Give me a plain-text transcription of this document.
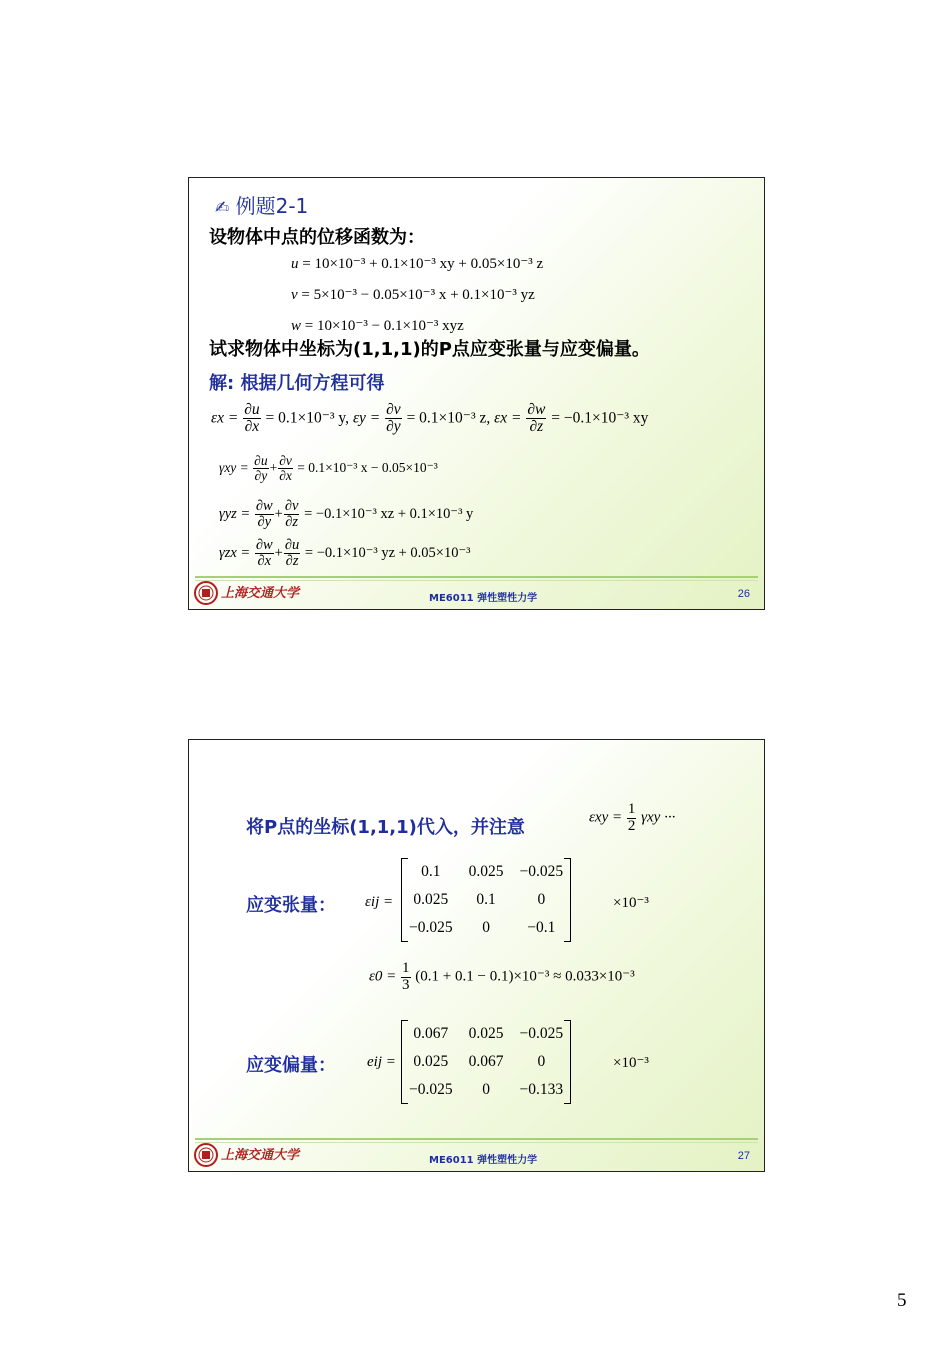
✍ 例题2-1
设物体中点的位移函数为：
u = 10×10⁻³ + 0.1×10⁻³ xy + 0.05×10⁻³ z
v = 5×10⁻³ − 0.05×10⁻³ x + 0.1×10⁻³ yz
w = 10×10⁻³ − 0.1×10⁻³ xyz
试求物体中坐标为(1,1,1)的P点应变张量与应变偏量。
解: 根据几何方程可得
$\varepsilon x = \frac{\partial u}{\partial x} = 0.1\times 10^{-3}$ y, $\varepsilon y = \frac{\partial v}{\partial y} = 0.1\times 10^{-3}$ z, $\varepsilon x = \frac{\partial w}{\partial z} = -0.1\times 10^{-3}$ xy
$\gamma xy = \frac{\partial u}{\partial y} + \frac{\partial v}{\partial x} = 0.1\times 10^{-3}$ x − 0.05×10⁻³
$\gamma yz = \frac{\partial w}{\partial y} + \frac{\partial v}{\partial z} = -0.1\times 10^{-3}$ xz + 0.1×10⁻³ y
$\gamma zx = \frac{\partial w}{\partial x} + \frac{\partial u}{\partial z} = -0.1\times 10^{-3}$ yz + 0.05×10⁻³
上海交通大学	ME6011 弹性塑性力学	26
将P点的坐标(1,1,1)代入，并注意	$\varepsilon xy = \frac{1}{2}$ γxy ···
应变张量： εij =
0.1	0.025	−0.025
0.025	0.1	0
−0.025	0	−0.1
×10⁻³
$\varepsilon 0 = \frac{1}{3} (0.1 + 0.1 - 0.1)\times 10^{-3} \approx 0.033\times 10^{-3}$
应变偏量： eij =
0.067	0.025	−0.025
0.025	0.067	0
−0.025	0	−0.133
×10⁻³
上海交通大学	ME6011 弹性塑性力学	27
5
